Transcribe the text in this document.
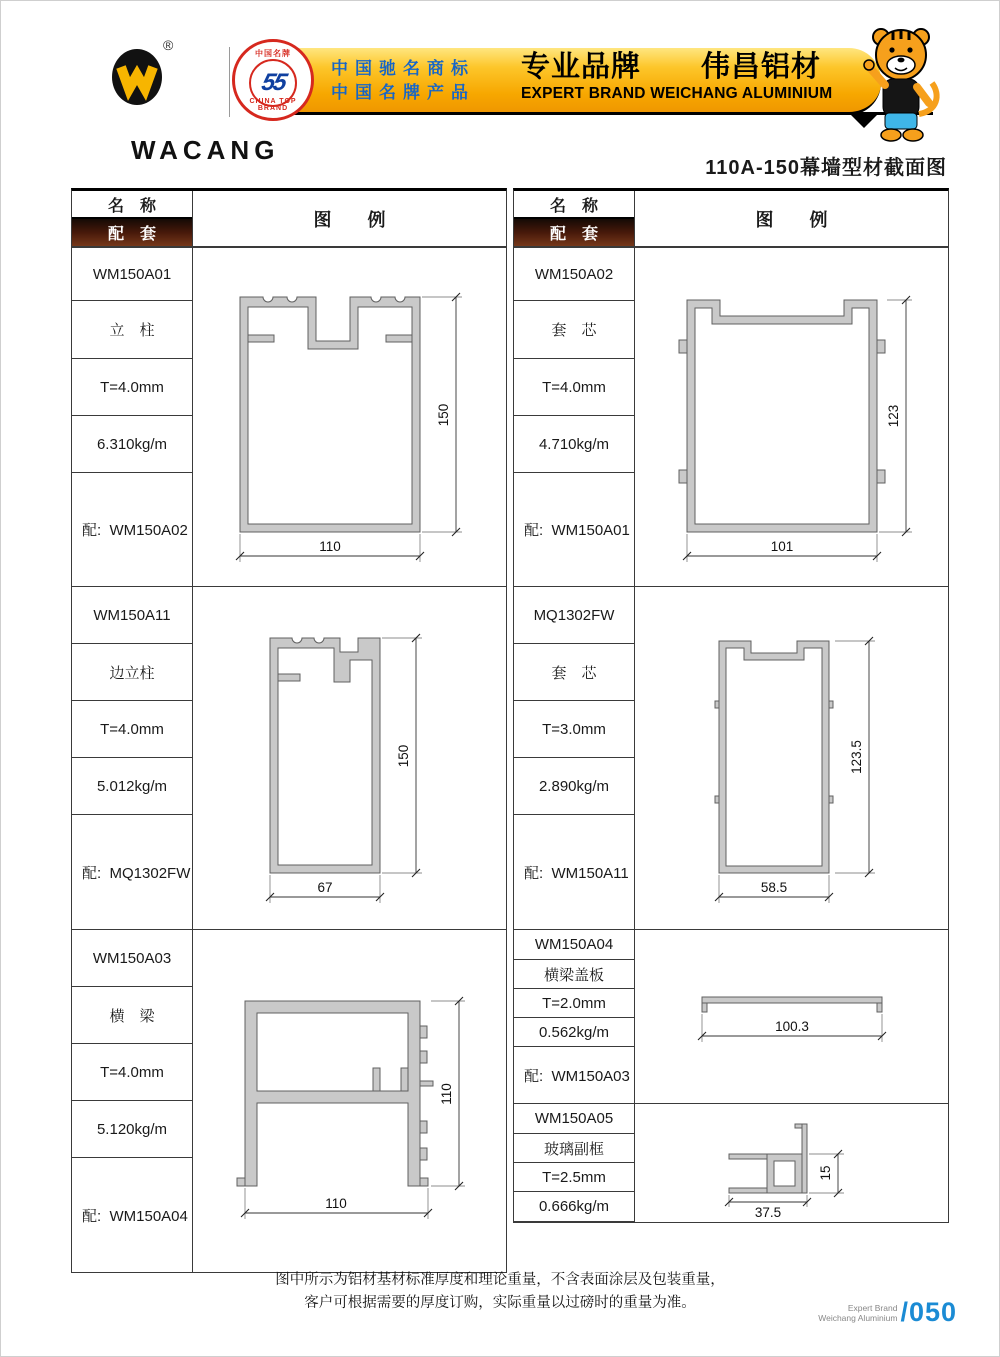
®
WACANG
中国名牌
55
CHINA TOP BRAND
中国驰名商标
中国名牌产品
专业品牌　　伟昌铝材
EXPERT BRAND WEICHANG ALUMINIUM
110A-150幕墙型材截面图
名　称
配　套
图　　例
WM150A01
立　柱
T=4.0mm
6.310kg/m
配:  WM150A02
150
110
WM150A11
边立柱
T=4.0mm
5.012kg/m
配:  MQ1302FW
150
67
WM150A03
横　梁
T=4.0mm
5.120kg/m
配:  WM150A04
110
110
名　称
配　套
图　　例
WM150A02
套　芯
T=4.0mm
4.710kg/m
配:  WM150A01
123
101
MQ1302FW
套　芯
T=3.0mm
2.890kg/m
配:  WM150A11
123.5
58.5
WM150A04
横梁盖板
T=2.0mm
0.562kg/m
配:  WM150A03
100.3
WM150A05
玻璃副框
T=2.5mm
0.666kg/m	37.5
15
图中所示为铝材基材标准厚度和理论重量，不含表面涂层及包装重量，
客户可根据需要的厚度订购，实际重量以过磅时的重量为准。	Expert Brand
Weichang Aluminium /050
